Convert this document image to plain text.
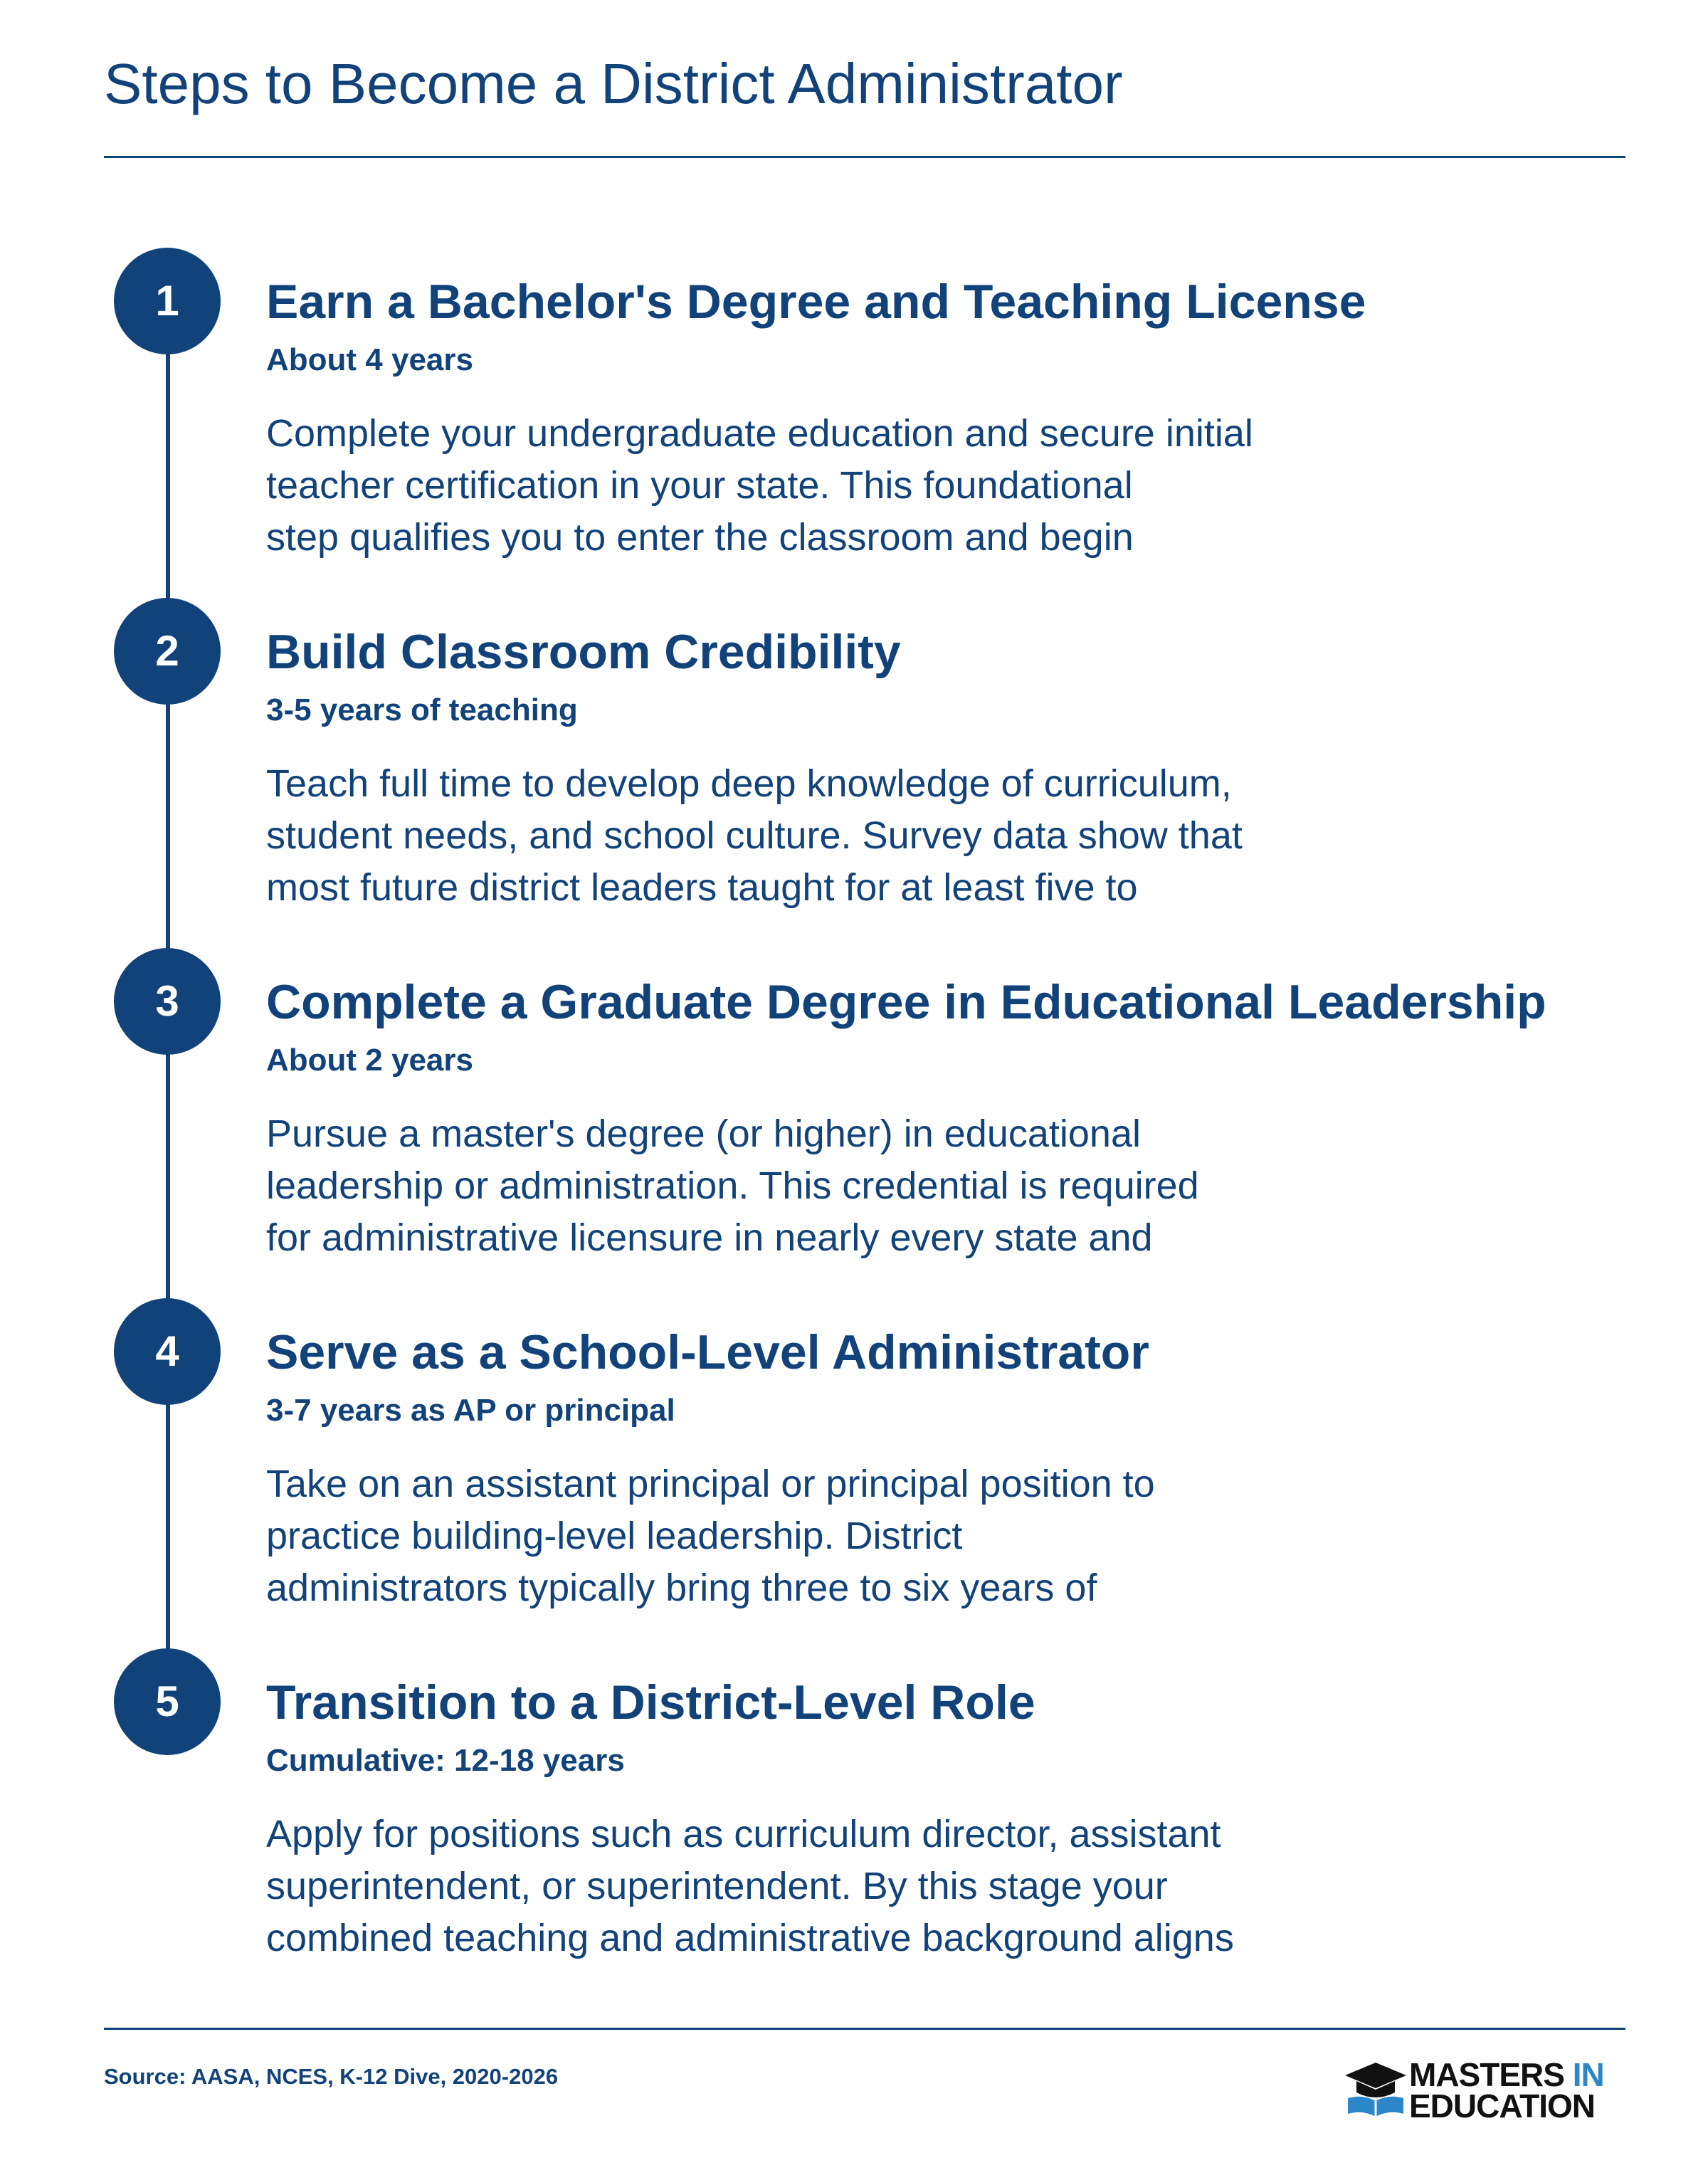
Steps to Become a District Administrator
1	Earn a Bachelor's Degree and Teaching License
About 4 years
Complete your undergraduate education and secure initial
teacher certification in your state. This foundational
step qualifies you to enter the classroom and begin
2	Build Classroom Credibility
3-5 years of teaching
Teach full time to develop deep knowledge of curriculum,
student needs, and school culture. Survey data show that
most future district leaders taught for at least five to
3	Complete a Graduate Degree in Educational Leadership
About 2 years
Pursue a master's degree (or higher) in educational
leadership or administration. This credential is required
for administrative licensure in nearly every state and
4	Serve as a School-Level Administrator
3-7 years as AP or principal
Take on an assistant principal or principal position to
practice building-level leadership. District
administrators typically bring three to six years of
5	Transition to a District-Level Role
Cumulative: 12-18 years
Apply for positions such as curriculum director, assistant
superintendent, or superintendent. By this stage your
combined teaching and administrative background aligns
Source: AASA, NCES, K-12 Dive, 2020-2026	MASTERS IN
EDUCATION
